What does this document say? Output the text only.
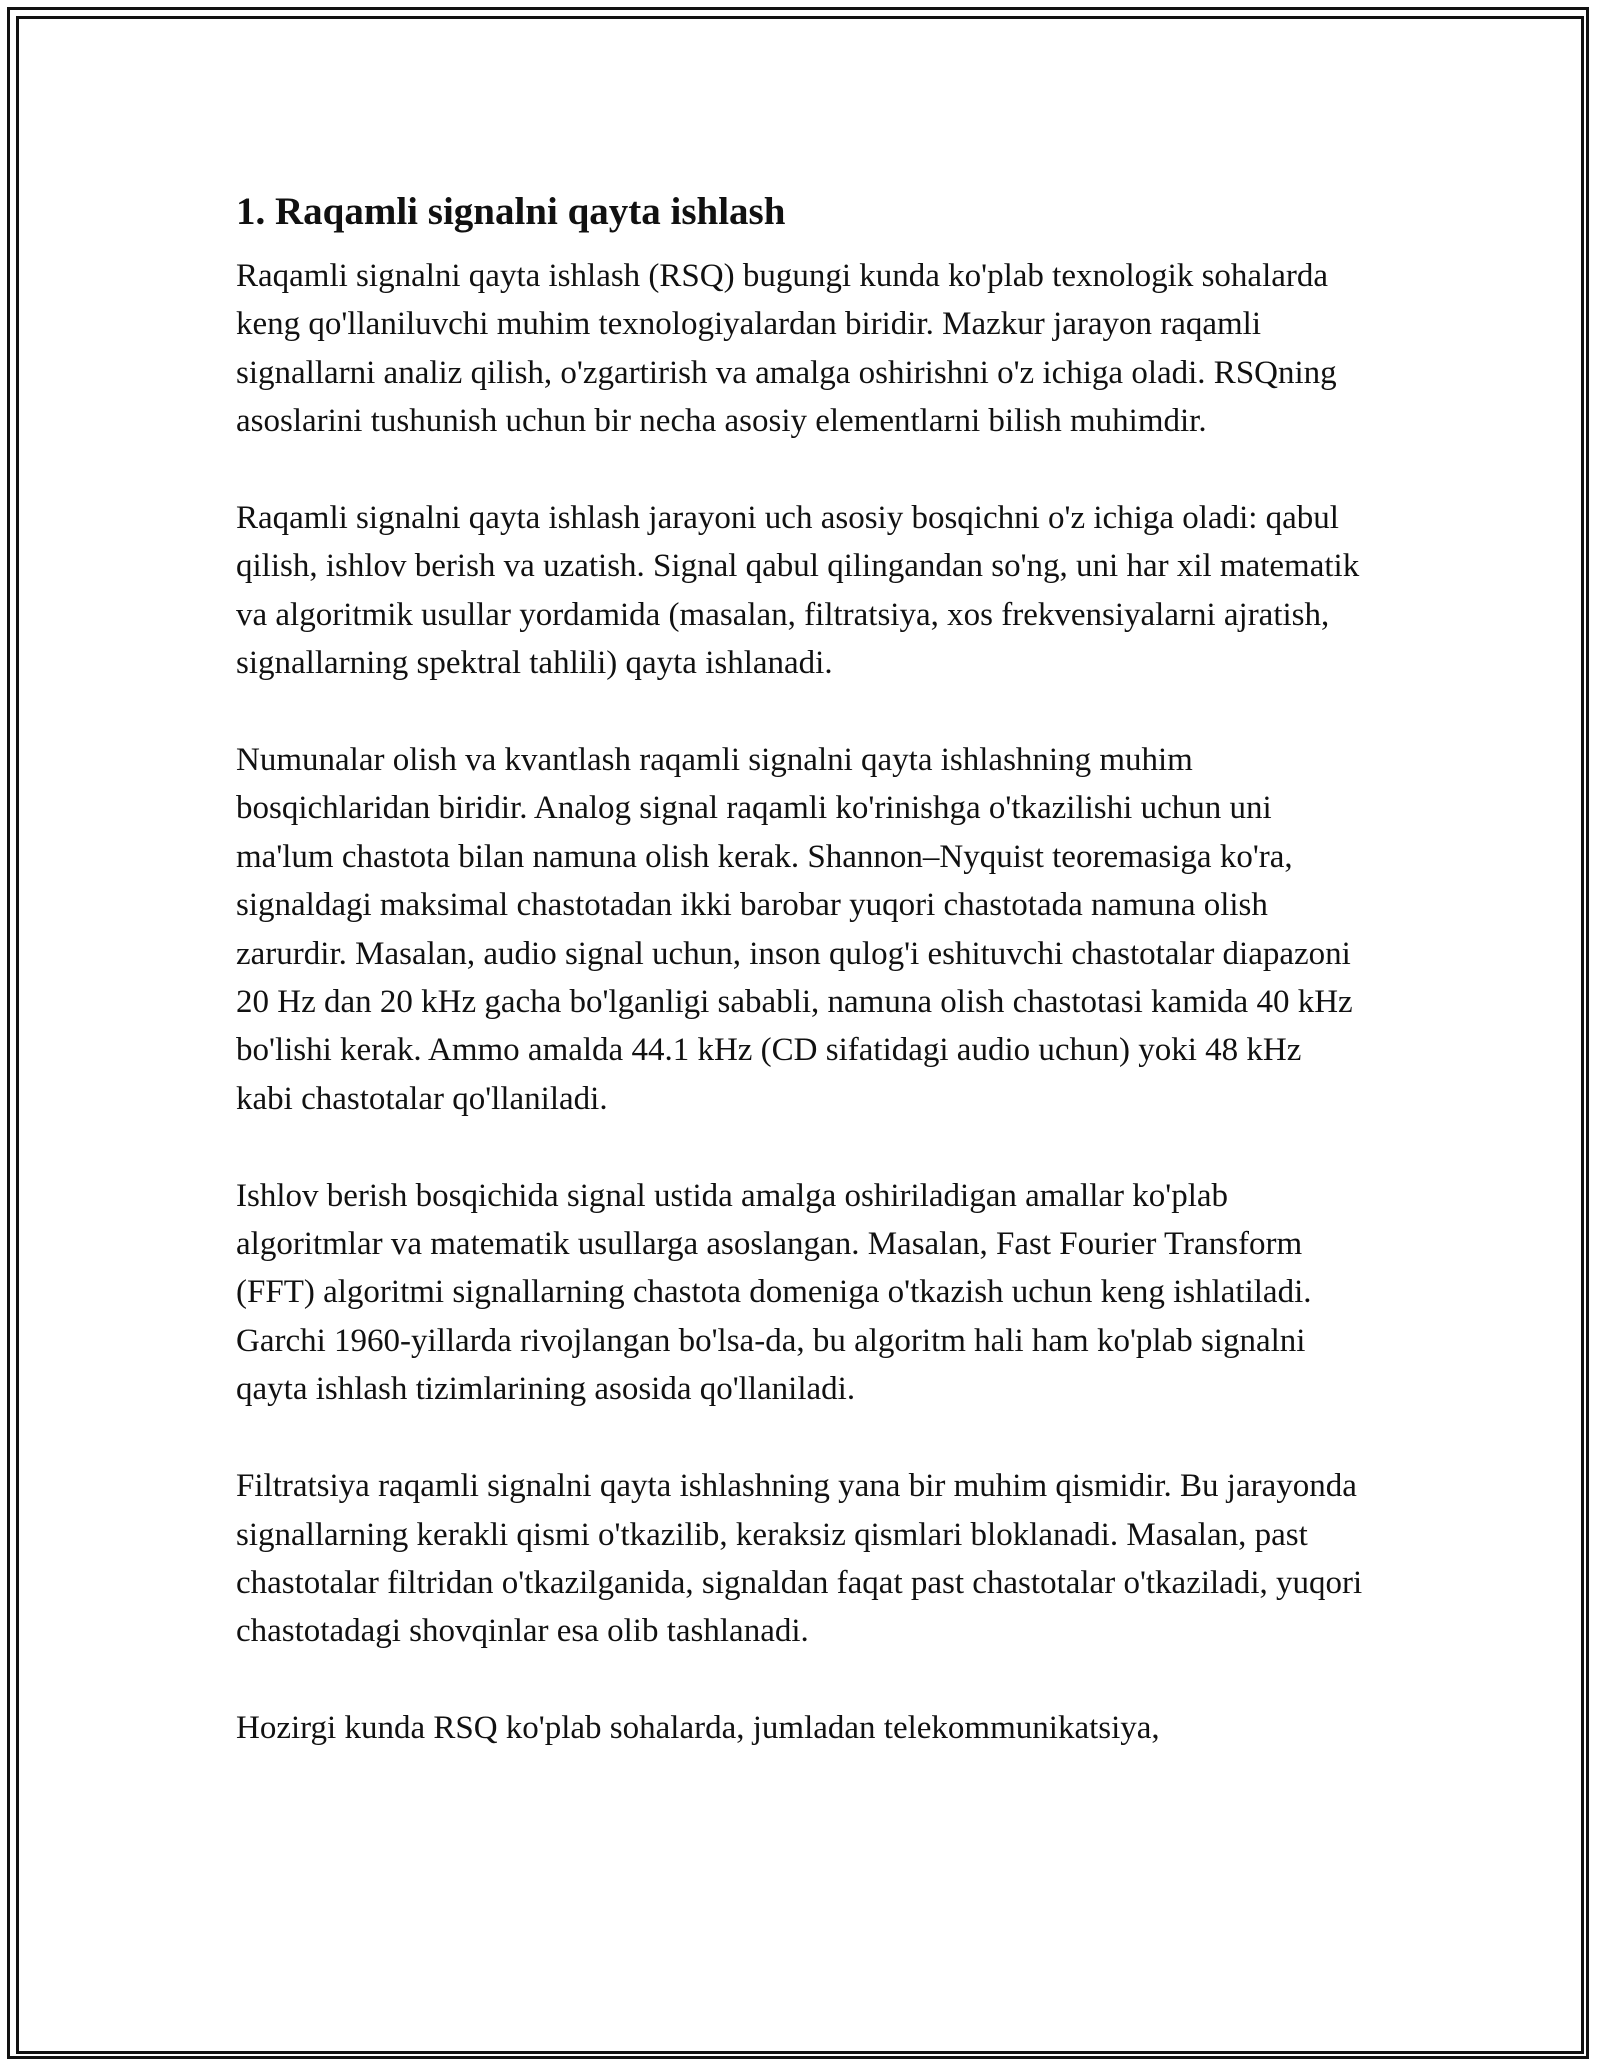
1. Raqamli signalni qayta ishlash

Raqamli signalni qayta ishlash (RSQ) bugungi kunda ko'plab texnologik sohalarda keng qo'llaniluvchi muhim texnologiyalardan biridir. Mazkur jarayon raqamli signallarni analiz qilish, o'zgartirish va amalga oshirishni o'z ichiga oladi. RSQning asoslarini tushunish uchun bir necha asosiy elementlarni bilish muhimdir.

Raqamli signalni qayta ishlash jarayoni uch asosiy bosqichni o'z ichiga oladi: qabul qilish, ishlov berish va uzatish. Signal qabul qilingandan so'ng, uni har xil matematik va algoritmik usullar yordamida (masalan, filtratsiya, xos frekvensiyalarni ajratish, signallarning spektral tahlili) qayta ishlanadi.

Numunalar olish va kvantlash raqamli signalni qayta ishlashning muhim bosqichlaridan biridir. Analog signal raqamli ko'rinishga o'tkazilishi uchun uni ma'lum chastota bilan namuna olish kerak. Shannon–Nyquist teoremasiga ko'ra, signaldagi maksimal chastotadan ikki barobar yuqori chastotada namuna olish zarurdir. Masalan, audio signal uchun, inson qulog'i eshituvchi chastotalar diapazoni 20 Hz dan 20 kHz gacha bo'lganligi sababli, namuna olish chastotasi kamida 40 kHz bo'lishi kerak. Ammo amalda 44.1 kHz (CD sifatidagi audio uchun) yoki 48 kHz kabi chastotalar qo'llaniladi.

Ishlov berish bosqichida signal ustida amalga oshiriladigan amallar ko'plab algoritmlar va matematik usullarga asoslangan. Masalan, Fast Fourier Transform (FFT) algoritmi signallarning chastota domeniga o'tkazish uchun keng ishlatiladi. Garchi 1960-yillarda rivojlangan bo'lsa-da, bu algoritm hali ham ko'plab signalni qayta ishlash tizimlarining asosida qo'llaniladi.

Filtratsiya raqamli signalni qayta ishlashning yana bir muhim qismidir. Bu jarayonda signallarning kerakli qismi o'tkazilib, keraksiz qismlari bloklanadi. Masalan, past chastotalar filtridan o'tkazilganida, signaldan faqat past chastotalar o'tkaziladi, yuqori chastotadagi shovqinlar esa olib tashlanadi.

Hozirgi kunda RSQ ko'plab sohalarda, jumladan telekommunikatsiya,
